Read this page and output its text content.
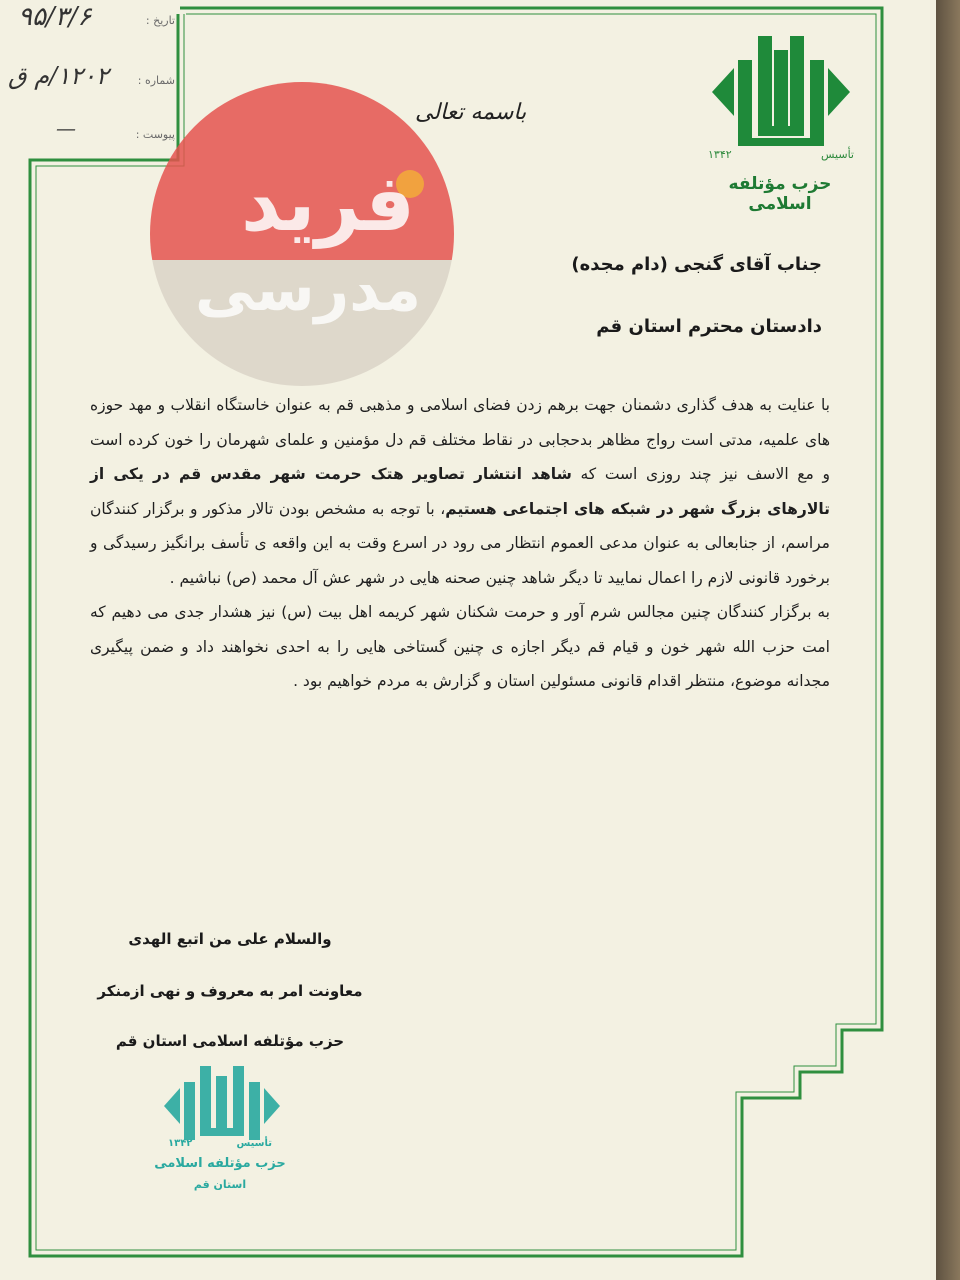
فرید
مدرسی
تاریخ :
۹۵/۳/۶
شماره :
۱۲۰۲/م ق
پیوست :
—
باسمه تعالی
تأسیس
۱۳۴۲
حزب مؤتلفه اسلامی
جناب آقای گنجی (دام مجده)
دادستان محترم استان قم

با عنایت به هدف گذاری دشمنان جهت برهم زدن فضای اسلامی و مذهبی قم به عنوان خاستگاه انقلاب و مهد حوزه های علمیه، مدتی است رواج مظاهر بدحجابی در نقاط مختلف قم دل مؤمنین و علمای شهرمان را خون کرده است و مع الاسف نیز چند روزی است که شاهد انتشار تصاویر هتک حرمت شهر مقدس قم در یکی از تالارهای بزرگ شهر در شبکه های اجتماعی هستیم، با توجه به مشخص بودن تالار مذکور و برگزار کنندگان مراسم، از جنابعالی به عنوان مدعی العموم انتظار می رود در اسرع وقت به این واقعه ی تأسف برانگیز رسیدگی و برخورد قانونی لازم را اعمال نمایید تا دیگر شاهد چنین صحنه هایی در شهر عش آل محمد (ص) نباشیم .

به برگزار کنندگان چنین مجالس شرم آور و حرمت شکنان شهر کریمه اهل بیت (س) نیز هشدار جدی می دهیم که امت حزب الله شهر خون و قیام قم دیگر اجازه ی چنین گستاخی هایی را به احدی نخواهند داد و ضمن پیگیری مجدانه موضوع، منتظر اقدام قانونی مسئولین استان و گزارش به مردم خواهیم بود .

والسلام علی من اتبع الهدی
معاونت امر به معروف و نهی ازمنکر
حزب مؤتلفه اسلامی استان قم
تأسیس
۱۳۴۲
حزب مؤتلفه اسلامی
استان قم
